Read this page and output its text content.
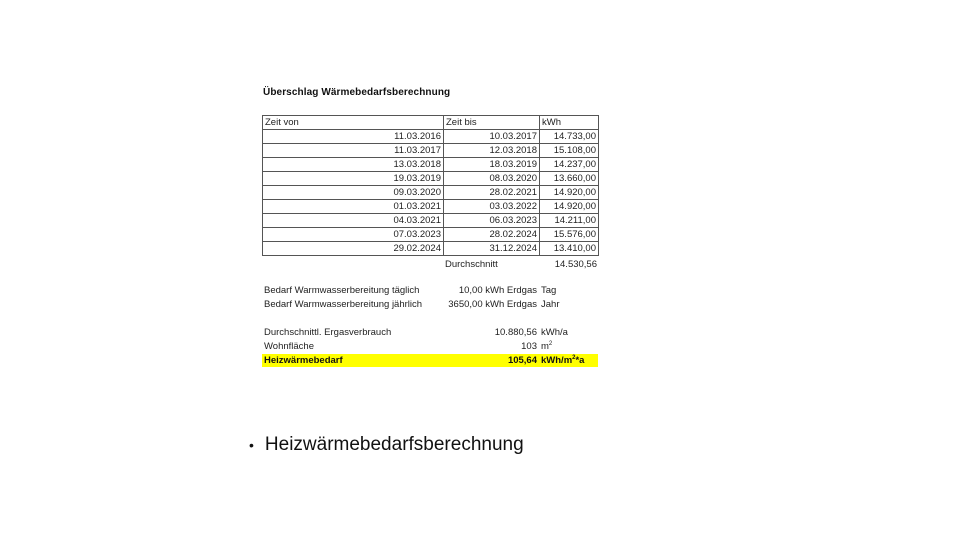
Überschlag Wärmebedarfsberechnung
Zeit von	Zeit bis	kWh
11.03.2016	10.03.2017	14.733,00
11.03.2017	12.03.2018	15.108,00
13.03.2018	18.03.2019	14.237,00
19.03.2019	08.03.2020	13.660,00
09.03.2020	28.02.2021	14.920,00
01.03.2021	03.03.2022	14.920,00
04.03.2021	06.03.2023	14.211,00
07.03.2023	28.02.2024	15.576,00
29.02.2024	31.12.2024	13.410,00
Durchschnitt	14.530,56
Bedarf Warmwasserbereitung täglich	10,00 kWh Erdgas Tag
Bedarf Warmwasserbereitung jährlich	3650,00 kWh Erdgas Jahr
Durchschnittl. Ergasverbrauch	10.880,56 kWh/a
Wohnfläche	103 $m^2$
Heizwärmebedarf	105,64 kWh/$m^2*a$
• Heizwärmebedarfsberechnung
